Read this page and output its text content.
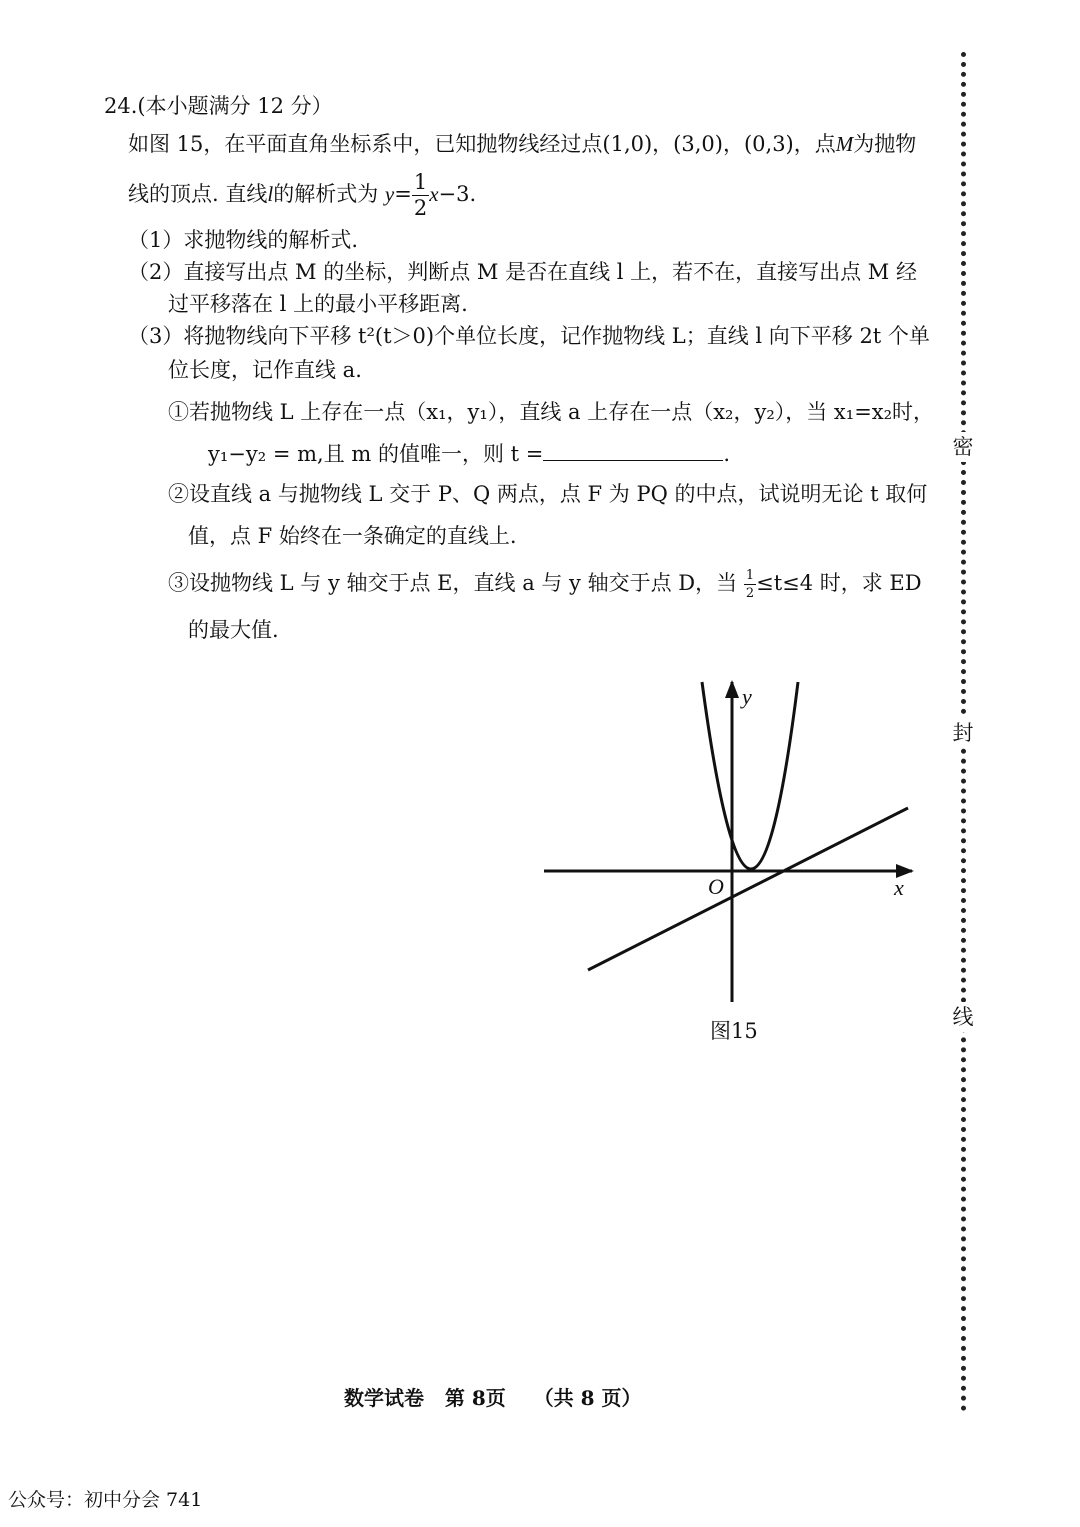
24.(本小题满分 12 分）
如图 15，在平面直角坐标系中，已知抛物线经过点(1,0)，(3,0)，(0,3)，点M为抛物
线的顶点. 直线l的解析式为 $y= \frac{1}{2} x-3$.
（1）求抛物线的解析式.
（2）直接写出点 M 的坐标，判断点 M 是否在直线 l 上，若不在，直接写出点 M 经
过平移落在 l 上的最小平移距离.
（3）将抛物线向下平移 t²(t＞0)个单位长度，记作抛物线 L；直线 l 向下平移 2t 个单
位长度，记作直线 a.
①若抛物线 L 上存在一点（x₁，y₁），直线 a 上存在一点（x₂，y₂），当 x₁=x₂时，
y₁−y₂ = m,且 m 的值唯一，则 t =	.
②设直线 a 与抛物线 L 交于 P、Q 两点，点 F 为 PQ 的中点，试说明无论 t 取何
值，点 F 始终在一条确定的直线上.
③设抛物线 L 与 y 轴交于点 E，直线 a 与 y 轴交于点 D，当 $\frac{1}{2} \le t\le 4$ 时，求 ED
的最大值.
y
x
O
图15
密
封
线
数学试卷   第 8页    （共 8 页）
公众号：初中分会 741
